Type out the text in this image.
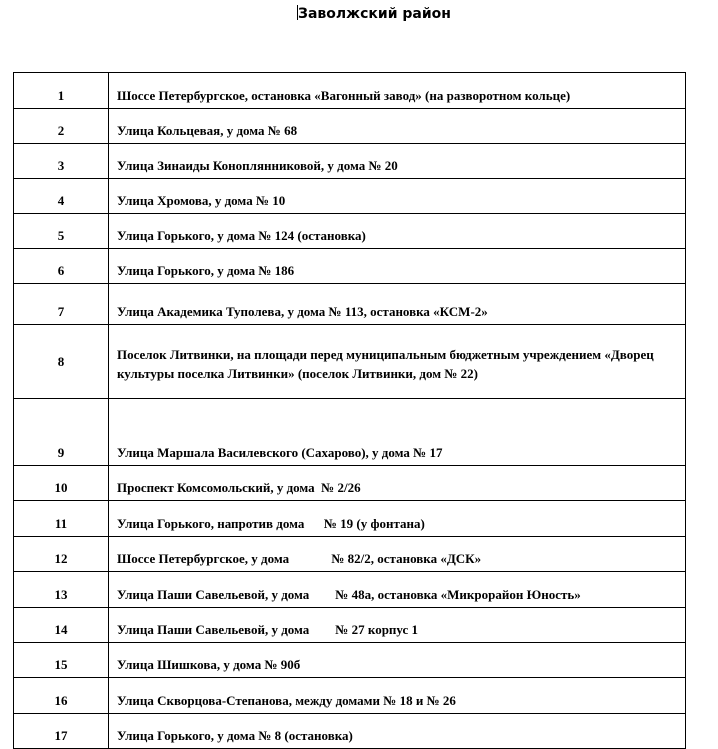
Заволжский район
1	Шоссе Петербургское, остановка «Вагонный завод» (на разворотном кольце)
2	Улица Кольцевая, у дома № 68
3	Улица Зинаиды Коноплянниковой, у дома № 20
4	Улица Хромова, у дома № 10
5	Улица Горького, у дома № 124 (остановка)
6	Улица Горького, у дома № 186
7	Улица Академика Туполева, у дома № 113, остановка «КСМ-2»
8	Поселок Литвинки, на площади перед муниципальным бюджетным учреждением «Дворец культуры поселка Литвинки» (поселок Литвинки, дом № 22)
9	Улица Маршала Василевского (Сахарово), у дома № 17
10	Проспект Комсомольский, у дома  № 2/26
11	Улица Горького, напротив дома      № 19 (у фонтана)
12	Шоссе Петербургское, у дома             № 82/2, остановка «ДСК»
13	Улица Паши Савельевой, у дома        № 48а, остановка «Микрорайон Юность»
14	Улица Паши Савельевой, у дома        № 27 корпус 1
15	Улица Шишкова, у дома № 90б
16	Улица Скворцова-Степанова, между домами № 18 и № 26
17	Улица Горького, у дома № 8 (остановка)
